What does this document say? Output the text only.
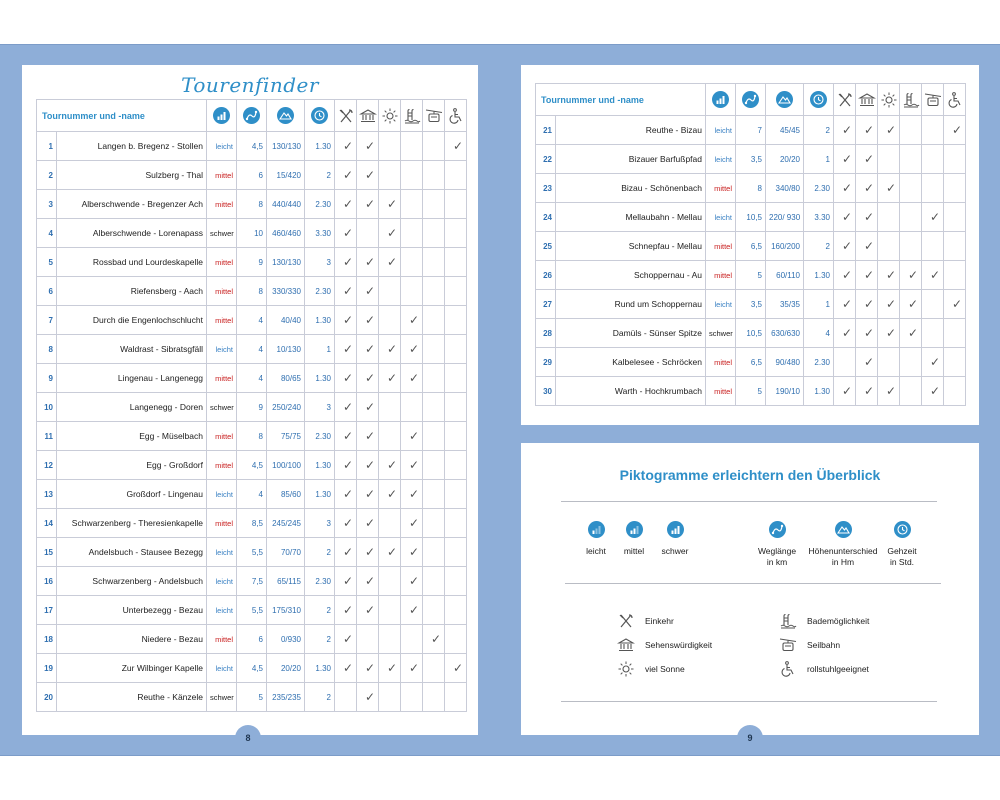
Tourenfinder
Tournummer und -name	

1	Langen b. Bregenz - Stollen	leicht	4,5	130/130	1.30	✓	✓				✓
2	Sulzberg - Thal	mittel	6	15/420	2	✓	✓				
3	Alberschwende - Bregenzer Ach	mittel	8	440/440	2.30	✓	✓	✓			
4	Alberschwende - Lorenapass	schwer	10	460/460	3.30	✓		✓			
5	Rossbad und Lourdeskapelle	mittel	9	130/130	3	✓	✓	✓			
6	Riefensberg - Aach	mittel	8	330/330	2.30	✓	✓				
7	Durch die Engenlochschlucht	mittel	4	40/40	1.30	✓	✓		✓		
8	Waldrast - Sibratsgfäll	leicht	4	10/130	1	✓	✓	✓	✓		
9	Lingenau - Langenegg	mittel	4	80/65	1.30	✓	✓	✓	✓		
10	Langenegg - Doren	schwer	9	250/240	3	✓	✓				
11	Egg - Müselbach	mittel	8	75/75	2.30	✓	✓		✓		
12	Egg - Großdorf	mittel	4,5	100/100	1.30	✓	✓	✓	✓		
13	Großdorf - Lingenau	leicht	4	85/60	1.30	✓	✓	✓	✓		
14	Schwarzenberg - Theresienkapelle	mittel	8,5	245/245	3	✓	✓		✓		
15	Andelsbuch - Stausee Bezegg	leicht	5,5	70/70	2	✓	✓	✓	✓		
16	Schwarzenberg - Andelsbuch	leicht	7,5	65/115	2.30	✓	✓		✓		
17	Unterbezegg - Bezau	leicht	5,5	175/310	2	✓	✓		✓		
18	Niedere - Bezau	mittel	6	0/930	2	✓				✓	
19	Zur Wilbinger Kapelle	leicht	4,5	20/20	1.30	✓	✓	✓	✓		✓
20	Reuthe - Känzele	schwer	5	235/235	2		✓				
8
Tournummer und -name	

21	Reuthe - Bizau	leicht	7	45/45	2	✓	✓	✓			✓
22	Bizauer Barfußpfad	leicht	3,5	20/20	1	✓	✓				
23	Bizau - Schönenbach	mittel	8	340/80	2.30	✓	✓	✓			
24	Mellaubahn - Mellau	leicht	10,5	220/ 930	3.30	✓	✓			✓	
25	Schnepfau - Mellau	mittel	6,5	160/200	2	✓	✓				
26	Schoppernau - Au	mittel	5	60/110	1.30	✓	✓	✓	✓	✓	
27	Rund um Schoppernau	leicht	3,5	35/35	1	✓	✓	✓	✓		✓
28	Damüls - Sünser Spitze	schwer	10,5	630/630	4	✓	✓	✓	✓		
29	Kalbelesee - Schröcken	mittel	6,5	90/480	2.30		✓			✓	
30	Warth - Hochkrumbach	mittel	5	190/10	1.30	✓	✓	✓		✓	
Piktogramme erleichtern den Überblick
leicht	mittel	schwer	Weglänge
in km
Höhenunterschied
in Hm
Gehzeit
in Std.
Einkehr
Sehenswürdigkeit
viel Sonne
Bademöglichkeit
Seilbahn
rollstuhlgeeignet
9
